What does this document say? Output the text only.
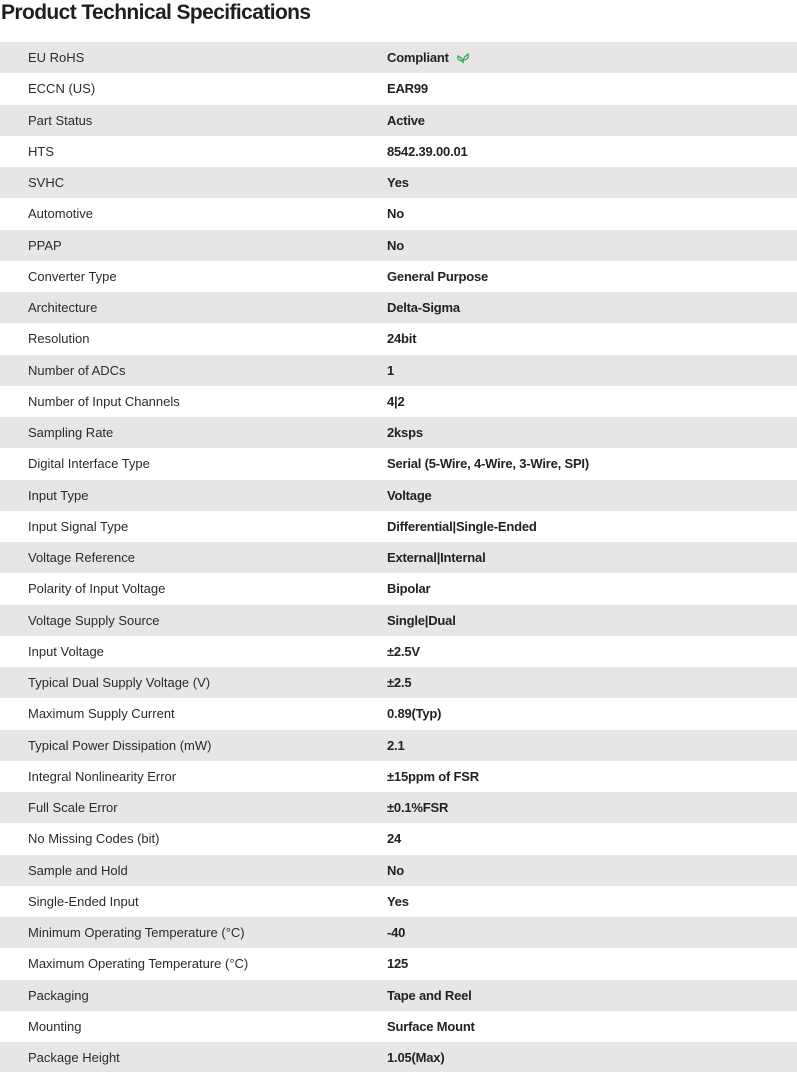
Product Technical Specifications
EU RoHS	Compliant
ECCN (US)	EAR99
Part Status	Active
HTS	8542.39.00.01
SVHC	Yes
Automotive	No
PPAP	No
Converter Type	General Purpose
Architecture	Delta-Sigma
Resolution	24bit
Number of ADCs	1
Number of Input Channels	4|2
Sampling Rate	2ksps
Digital Interface Type	Serial (5-Wire, 4-Wire, 3-Wire, SPI)
Input Type	Voltage
Input Signal Type	Differential|Single-Ended
Voltage Reference	External|Internal
Polarity of Input Voltage	Bipolar
Voltage Supply Source	Single|Dual
Input Voltage	±2.5V
Typical Dual Supply Voltage (V)	±2.5
Maximum Supply Current	0.89(Typ)
Typical Power Dissipation (mW)	2.1
Integral Nonlinearity Error	±15ppm of FSR
Full Scale Error	±0.1%FSR
No Missing Codes (bit)	24
Sample and Hold	No
Single-Ended Input	Yes
Minimum Operating Temperature (°C)	-40
Maximum Operating Temperature (°C)	125
Packaging	Tape and Reel
Mounting	Surface Mount
Package Height	1.05(Max)
